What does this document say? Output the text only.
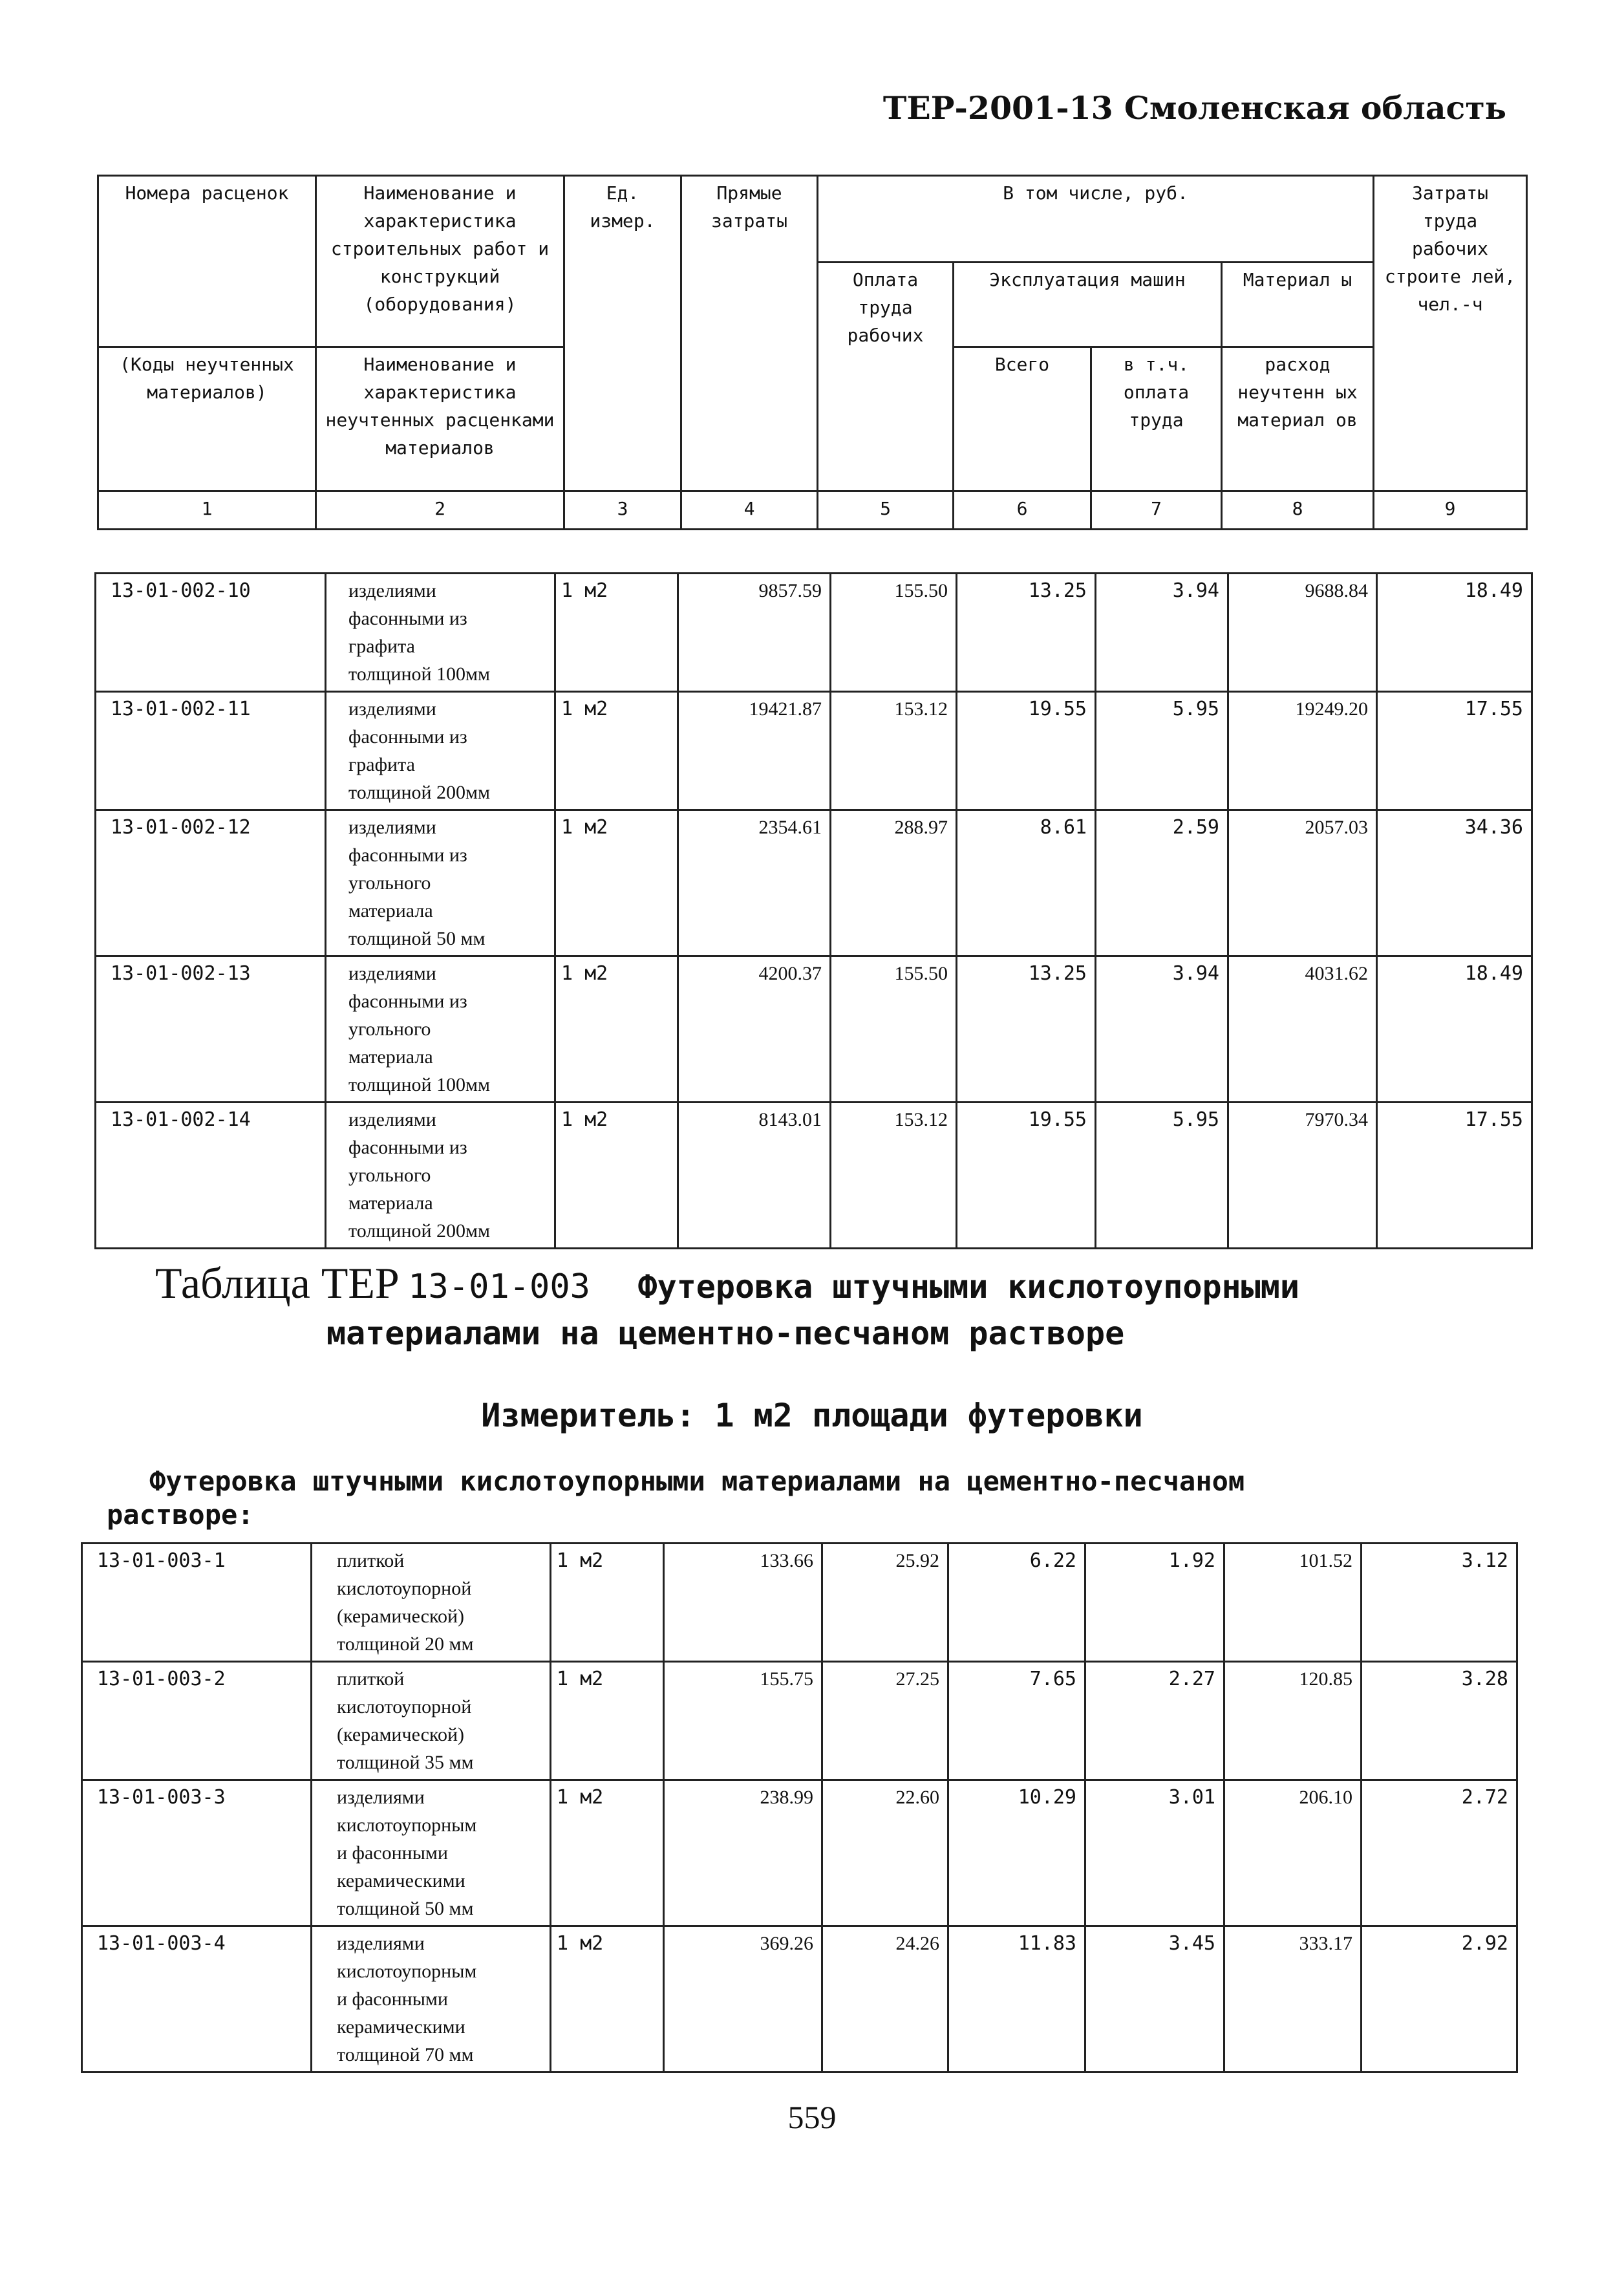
ТЕР-2001-13 Смоленская область
Номера расценок	Наименование и характеристика строительных работ и конструкций (оборудования)	Ед. измер.	Прямые затраты	В том числе, руб.				Затраты труда рабочих строите лей, чел.-ч
				Оплата труда рабочих	Эксплуатация машин		Материал ы	
(Коды неучтенных материалов)	Наименование и характеристика неучтенных расценками материалов				Всего	в т.ч. оплата труда	расход неучтенн ых материал ов	
1	2	3	4	5	6	7	8	9
13-01-002-10	изделиями
фасонными из
графита
толщиной 100мм	1 м2	9857.59	155.50	13.25	3.94	9688.84	18.49
13-01-002-11	изделиями
фасонными из
графита
толщиной 200мм	1 м2	19421.87	153.12	19.55	5.95	19249.20	17.55
13-01-002-12	изделиями
фасонными из
угольного
материала
толщиной 50 мм	1 м2	2354.61	288.97	8.61	2.59	2057.03	34.36
13-01-002-13	изделиями
фасонными из
угольного
материала
толщиной 100мм	1 м2	4200.37	155.50	13.25	3.94	4031.62	18.49
13-01-002-14	изделиями
фасонными из
угольного
материала
толщиной 200мм	1 м2	8143.01	153.12	19.55	5.95	7970.34	17.55
Таблица ТЕР 13-01-003 Футеровка штучными кислотоупорными
материалами на цементно-песчаном растворе
Измеритель: 1 м2 площади футеровки
Футеровка штучными кислотоупорными материалами на цементно-песчаном
растворе:
13-01-003-1	плиткой
кислотоупорной
(керамической)
толщиной 20 мм	1 м2	133.66	25.92	6.22	1.92	101.52	3.12
13-01-003-2	плиткой
кислотоупорной
(керамической)
толщиной 35 мм	1 м2	155.75	27.25	7.65	2.27	120.85	3.28
13-01-003-3	изделиями
кислотоупорным
и фасонными
керамическими
толщиной 50 мм	1 м2	238.99	22.60	10.29	3.01	206.10	2.72
13-01-003-4	изделиями
кислотоупорным
и фасонными
керамическими
толщиной 70 мм	1 м2	369.26	24.26	11.83	3.45	333.17	2.92
559
